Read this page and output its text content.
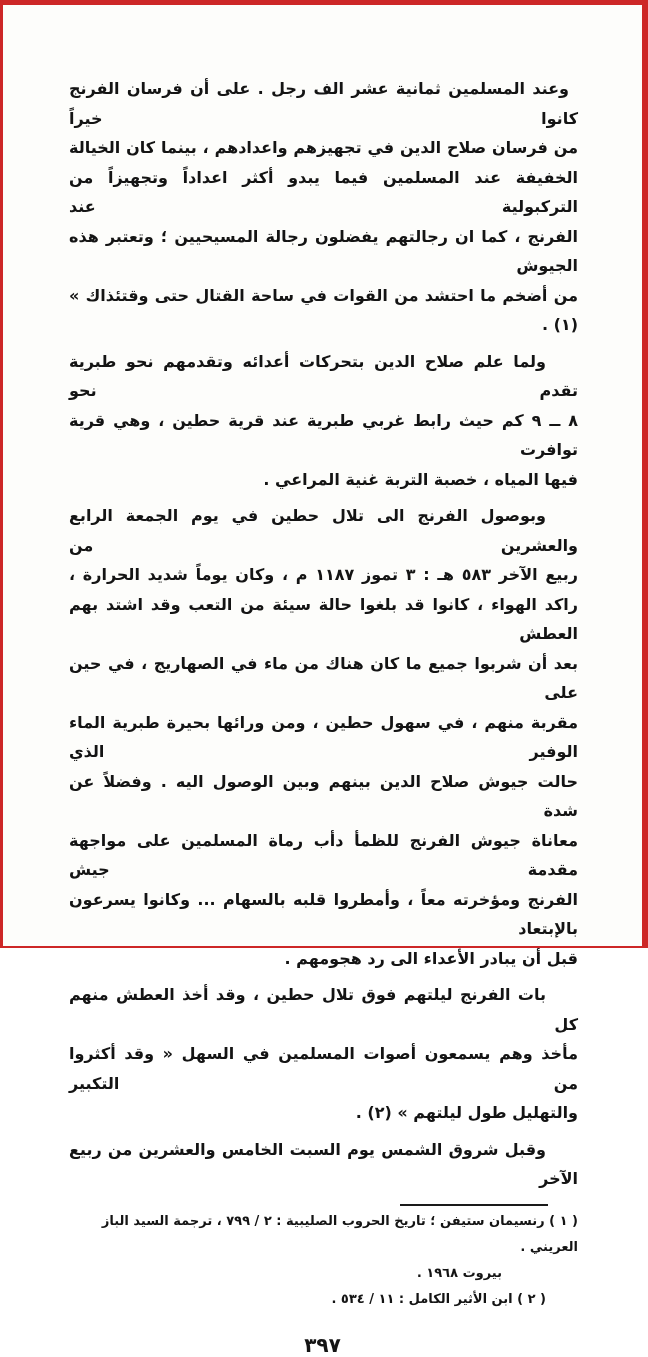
وعند المسلمين ثمانية عشر الف رجل . على أن فرسان الفرنج كانوا خيراً
من فرسان صلاح الدين في تجهيزهم واعدادهم ، بينما كان الخيالة
الخفيفة عند المسلمين فيما يبدو أكثر اعداداً وتجهيزاً من التركبولية عند
الفرنج ، كما ان رجالتهم يفضلون رجالة المسيحيين ؛ وتعتبر هذه الجيوش
من أضخم ما احتشد من القوات في ساحة القتال حتى وقتئذاك » (١) .
ولما علم صلاح الدين بتحركات أعدائه وتقدمهم نحو طبرية تقدم نحو
٨ ــ ٩ كم حيث رابط غربي طبرية عند قرية حطين ، وهي قرية توافرت
فيها المياه ، خصبة التربة غنية المراعي .
وبوصول الفرنج الى تلال حطين في يوم الجمعة الرابع والعشرين من
ربيع الآخر ٥٨٣ هـ : ٣ تموز ١١٨٧ م ، وكان يوماً شديد الحرارة ،
راكد الهواء ، كانوا قد بلغوا حالة سيئة من التعب وقد اشتد بهم العطش
بعد أن شربوا جميع ما كان هناك من ماء في الصهاريج ، في حين على
مقربة منهم ، في سهول حطين ، ومن ورائها بحيرة طبرية الماء الوفير الذي
حالت جيوش صلاح الدين بينهم وبين الوصول اليه . وفضلاً عن شدة
معاناة جيوش الفرنج للظمأ دأب رماة المسلمين على مواجهة مقدمة جيش
الفرنج ومؤخرته معاً ، وأمطروا قلبه بالسهام ... وكانوا يسرعون بالإبتعاد
قبل أن يبادر الأعداء الى رد هجومهم .
بات الفرنج ليلتهم فوق تلال حطين ، وقد أخذ العطش منهم كل
مأخذ وهم يسمعون أصوات المسلمين في السهل « وقد أكثروا من التكبير
والتهليل طول ليلتهم » (٢) .
وقبل شروق الشمس يوم السبت الخامس والعشرين من ربيع الآخر
( ١ ) رنسيمان ستيفن ؛ تاريخ الحروب الصليبية : ٢ / ٧٩٩ ، ترجمة السيد الباز العريني .
بيروت ١٩٦٨ .
( ٢ ) ابن الأثير الكامل : ١١ / ٥٣٤ .
٣٩٧
